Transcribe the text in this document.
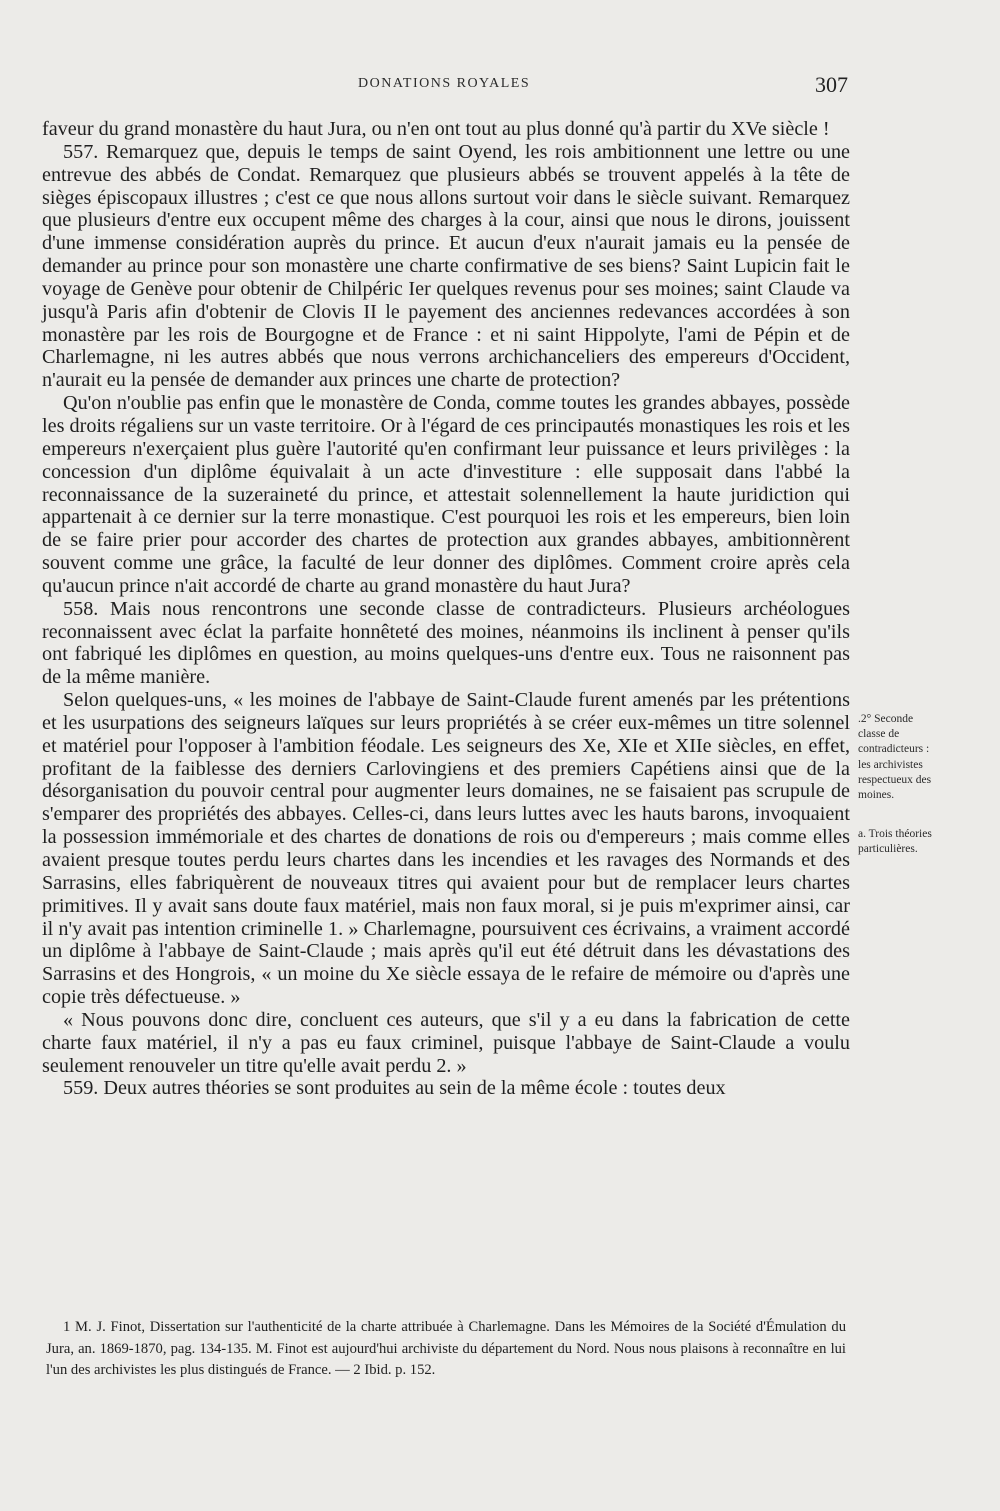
DONATIONS ROYALES	307

faveur du grand monastère du haut Jura, ou n'en ont tout au plus donné qu'à partir du XVe siècle !

557. Remarquez que, depuis le temps de saint Oyend, les rois ambitionnent une lettre ou une entrevue des abbés de Condat. Remarquez que plusieurs abbés se trouvent appelés à la tête de sièges épiscopaux illustres ; c'est ce que nous allons surtout voir dans le siècle suivant. Remarquez que plusieurs d'entre eux occupent même des charges à la cour, ainsi que nous le dirons, jouissent d'une immense considération auprès du prince. Et aucun d'eux n'aurait jamais eu la pensée de demander au prince pour son monastère une charte confirmative de ses biens? Saint Lupicin fait le voyage de Genève pour obtenir de Chilpéric Ier quelques revenus pour ses moines; saint Claude va jusqu'à Paris afin d'obtenir de Clovis II le payement des anciennes redevances accordées à son monastère par les rois de Bourgogne et de France : et ni saint Hippolyte, l'ami de Pépin et de Charlemagne, ni les autres abbés que nous verrons archichanceliers des empereurs d'Occident, n'aurait eu la pensée de demander aux princes une charte de protection?

Qu'on n'oublie pas enfin que le monastère de Conda, comme toutes les grandes abbayes, possède les droits régaliens sur un vaste territoire. Or à l'égard de ces principautés monastiques les rois et les empereurs n'exerçaient plus guère l'autorité qu'en confirmant leur puissance et leurs privilèges : la concession d'un diplôme équivalait à un acte d'investiture : elle supposait dans l'abbé la reconnaissance de la suzeraineté du prince, et attestait solennellement la haute juridiction qui appartenait à ce dernier sur la terre monastique. C'est pourquoi les rois et les empereurs, bien loin de se faire prier pour accorder des chartes de protection aux grandes abbayes, ambitionnèrent souvent comme une grâce, la faculté de leur donner des diplômes. Comment croire après cela qu'aucun prince n'ait accordé de charte au grand monastère du haut Jura?

558. Mais nous rencontrons une seconde classe de contradicteurs. Plusieurs archéologues reconnaissent avec éclat la parfaite honnêteté des moines, néanmoins ils inclinent à penser qu'ils ont fabriqué les diplômes en question, au moins quelques-uns d'entre eux. Tous ne raisonnent pas de la même manière.

Selon quelques-uns, « les moines de l'abbaye de Saint-Claude furent amenés par les prétentions et les usurpations des seigneurs laïques sur leurs propriétés à se créer eux-mêmes un titre solennel et matériel pour l'opposer à l'ambition féodale. Les seigneurs des Xe, XIe et XIIe siècles, en effet, profitant de la faiblesse des derniers Carlovingiens et des premiers Capétiens ainsi que de la désorganisation du pouvoir central pour augmenter leurs domaines, ne se faisaient pas scrupule de s'emparer des propriétés des abbayes. Celles-ci, dans leurs luttes avec les hauts barons, invoquaient la possession immémoriale et des chartes de donations de rois ou d'empereurs ; mais comme elles avaient presque toutes perdu leurs chartes dans les incendies et les ravages des Normands et des Sarrasins, elles fabriquèrent de nouveaux titres qui avaient pour but de remplacer leurs chartes primitives. Il y avait sans doute faux matériel, mais non faux moral, si je puis m'exprimer ainsi, car il n'y avait pas intention criminelle 1. » Charlemagne, poursuivent ces écrivains, a vraiment accordé un diplôme à l'abbaye de Saint-Claude ; mais après qu'il eut été détruit dans les dévastations des Sarrasins et des Hongrois, « un moine du Xe siècle essaya de le refaire de mémoire ou d'après une copie très défectueuse. »

« Nous pouvons donc dire, concluent ces auteurs, que s'il y a eu dans la fabrication de cette charte faux matériel, il n'y a pas eu faux criminel, puisque l'abbaye de Saint-Claude a voulu seulement renouveler un titre qu'elle avait perdu 2. »

559. Deux autres théories se sont produites au sein de la même école : toutes deux

.2° Seconde classe de contradicteurs : les archivistes respectueux des moines.
a. Trois théories particulières.
1 M. J. Finot, Dissertation sur l'authenticité de la charte attribuée à Charlemagne. Dans les Mémoires de la Société d'Émulation du Jura, an. 1869-1870, pag. 134-135. M. Finot est aujourd'hui archiviste du département du Nord. Nous nous plaisons à reconnaître en lui l'un des archivistes les plus distingués de France. — 2 Ibid. p. 152.
